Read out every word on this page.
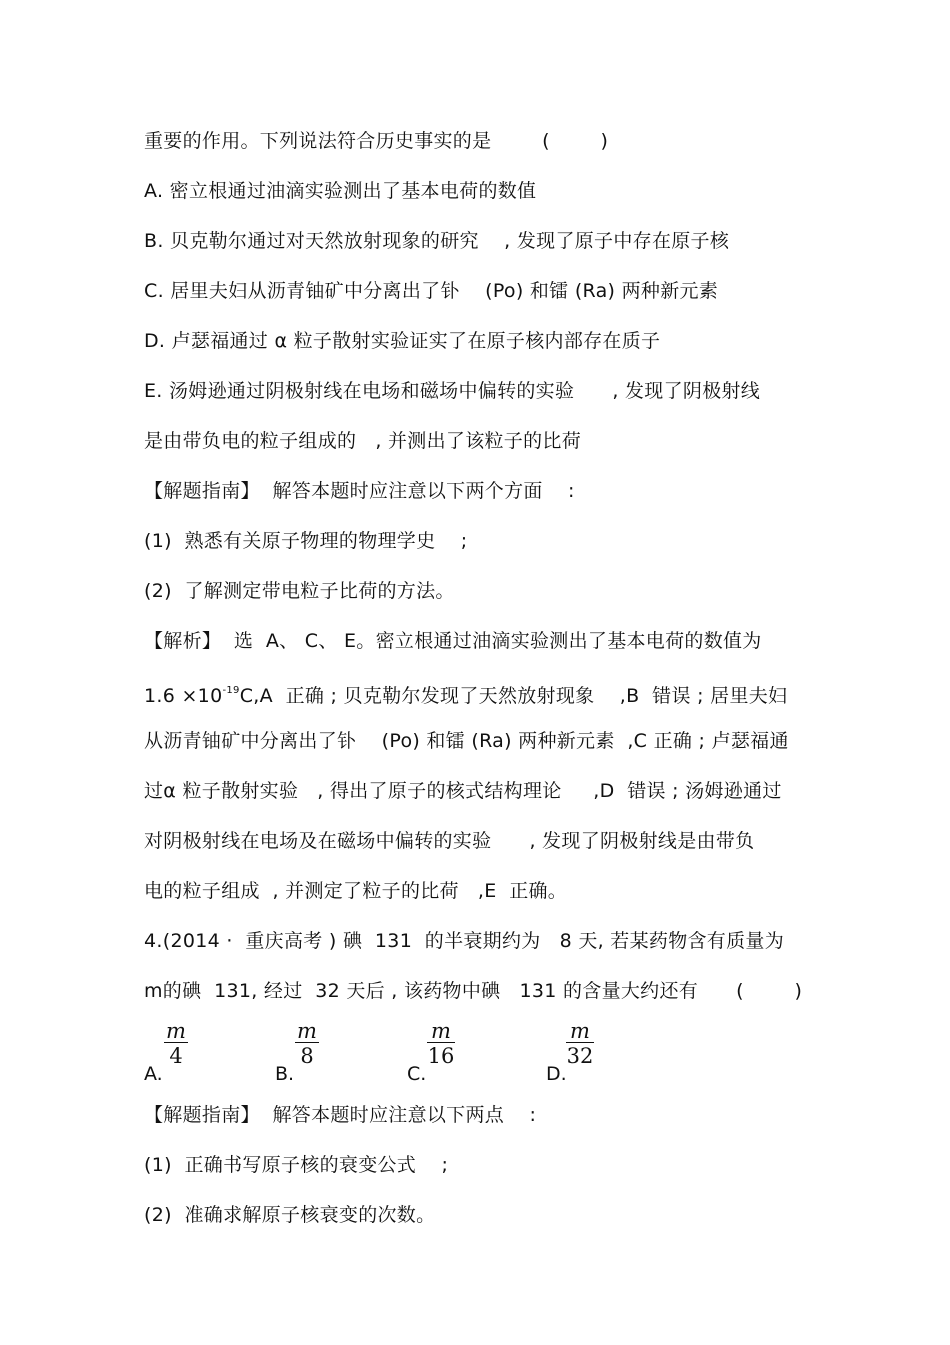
重要的作用。下列说法符合历史事实的是        (        )
A. 密立根通过油滴实验测出了基本电荷的数值
B. 贝克勒尔通过对天然放射现象的研究    , 发现了原子中存在原子核
C. 居里夫妇从沥青铀矿中分离出了钋    (Po) 和镭 (Ra) 两种新元素
D. 卢瑟福通过 α 粒子散射实验证实了在原子核内部存在质子
E. 汤姆逊通过阴极射线在电场和磁场中偏转的实验      , 发现了阴极射线
是由带负电的粒子组成的   , 并测出了该粒子的比荷
【解题指南】  解答本题时应注意以下两个方面    :
(1)  熟悉有关原子物理的物理学史    ;
(2)  了解测定带电粒子比荷的方法。
【解析】  选  A、 C、 E。密立根通过油滴实验测出了基本电荷的数值为
$1.6 \times 10^{-19}C,A$  正确 ; 贝克勒尔发现了天然放射现象    ,B  错误 ; 居里夫妇
从沥青铀矿中分离出了钋    (Po) 和镭 (Ra) 两种新元素  ,C 正确 ; 卢瑟福通
过α 粒子散射实验   , 得出了原子的核式结构理论     ,D  错误 ; 汤姆逊通过
对阴极射线在电场及在磁场中偏转的实验      , 发现了阴极射线是由带负
电的粒子组成  , 并测定了粒子的比荷   ,E  正确。
4.(2014 ·  重庆高考 ) 碘  131  的半衰期约为   8 天, 若某药物含有质量为
m的碘  131, 经过  32 天后 , 该药物中碘   131 的含量大约还有      (        )
A.
m
4
B.
m
8
C.
m
16
D.
m
32
【解题指南】  解答本题时应注意以下两点    :
(1)  正确书写原子核的衰变公式    ;
(2)  准确求解原子核衰变的次数。
